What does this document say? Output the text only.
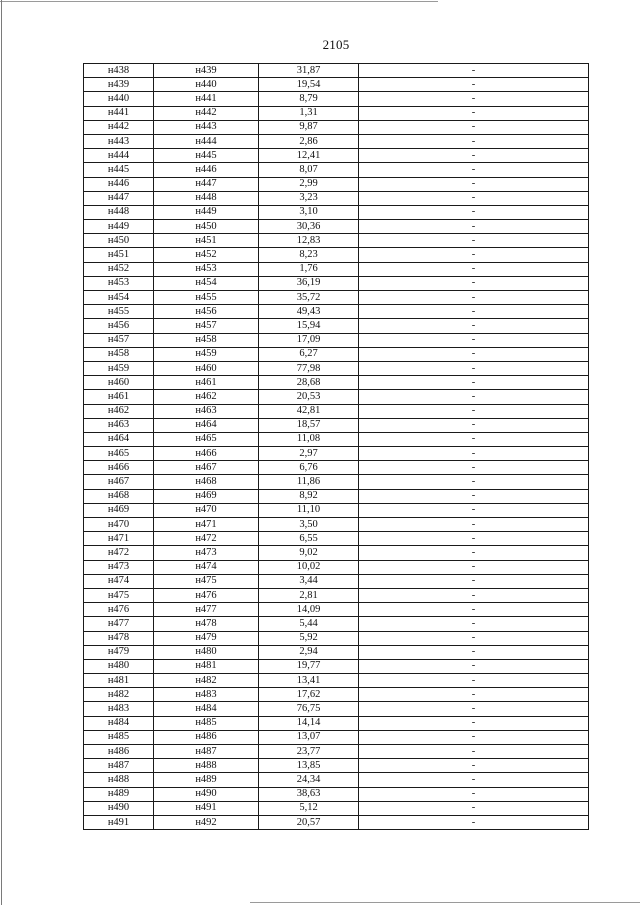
2105
н438	н439	31,87	-
н439	н440	19,54	-
н440	н441	8,79	-
н441	н442	1,31	-
н442	н443	9,87	-
н443	н444	2,86	-
н444	н445	12,41	-
н445	н446	8,07	-
н446	н447	2,99	-
н447	н448	3,23	-
н448	н449	3,10	-
н449	н450	30,36	-
н450	н451	12,83	-
н451	н452	8,23	-
н452	н453	1,76	-
н453	н454	36,19	-
н454	н455	35,72	-
н455	н456	49,43	-
н456	н457	15,94	-
н457	н458	17,09	-
н458	н459	6,27	-
н459	н460	77,98	-
н460	н461	28,68	-
н461	н462	20,53	-
н462	н463	42,81	-
н463	н464	18,57	-
н464	н465	11,08	-
н465	н466	2,97	-
н466	н467	6,76	-
н467	н468	11,86	-
н468	н469	8,92	-
н469	н470	11,10	-
н470	н471	3,50	-
н471	н472	6,55	-
н472	н473	9,02	-
н473	н474	10,02	-
н474	н475	3,44	-
н475	н476	2,81	-
н476	н477	14,09	-
н477	н478	5,44	-
н478	н479	5,92	-
н479	н480	2,94	-
н480	н481	19,77	-
н481	н482	13,41	-
н482	н483	17,62	-
н483	н484	76,75	-
н484	н485	14,14	-
н485	н486	13,07	-
н486	н487	23,77	-
н487	н488	13,85	-
н488	н489	24,34	-
н489	н490	38,63	-
н490	н491	5,12	-
н491	н492	20,57	-
